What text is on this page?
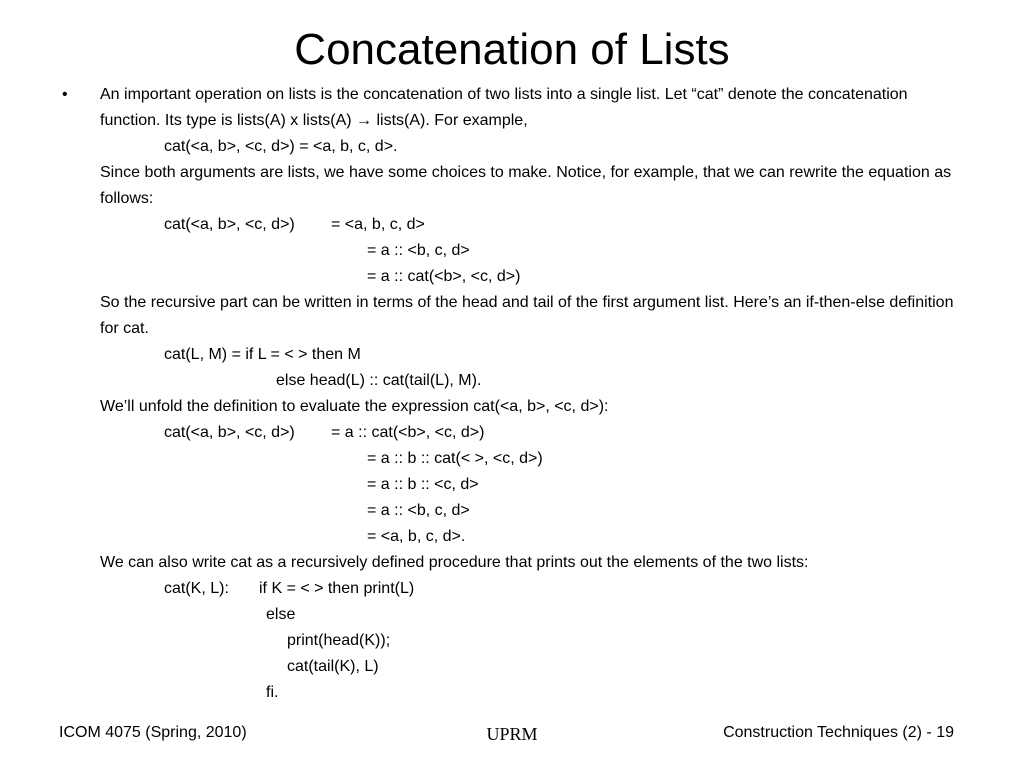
Concatenation of Lists
• An important operation on lists is the concatenation of two lists into a single list. Let “cat” denote the concatenation function. Its type is lists(A) x lists(A) → lists(A). For example,
cat(<a, b>, <c, d>) = <a, b, c, d>.
Since both arguments are lists, we have some choices to make. Notice, for example, that we can rewrite the equation as follows:
cat(<a, b>, <c, d>) = <a, b, c, d>
= a :: <b, c, d>
= a :: cat(<b>, <c, d>)
So the recursive part can be written in terms of the head and tail of the first argument list. Here’s an if-then-else definition for cat.
cat(L, M) = if L = < > then M
else head(L) :: cat(tail(L), M).
We’ll unfold the definition to evaluate the expression cat(<a, b>, <c, d>):
cat(<a, b>, <c, d>) = a :: cat(<b>, <c, d>)
= a :: b :: cat(< >, <c, d>)
= a :: b :: <c, d>
= a :: <b, c, d>
= <a, b, c, d>.
We can also write cat as a recursively defined procedure that prints out the elements of the two lists:
cat(K, L): if K = < > then print(L)
else
print(head(K));
cat(tail(K), L)
fi.
ICOM 4075 (Spring, 2010)	UPRM	Construction Techniques (2) - 19
